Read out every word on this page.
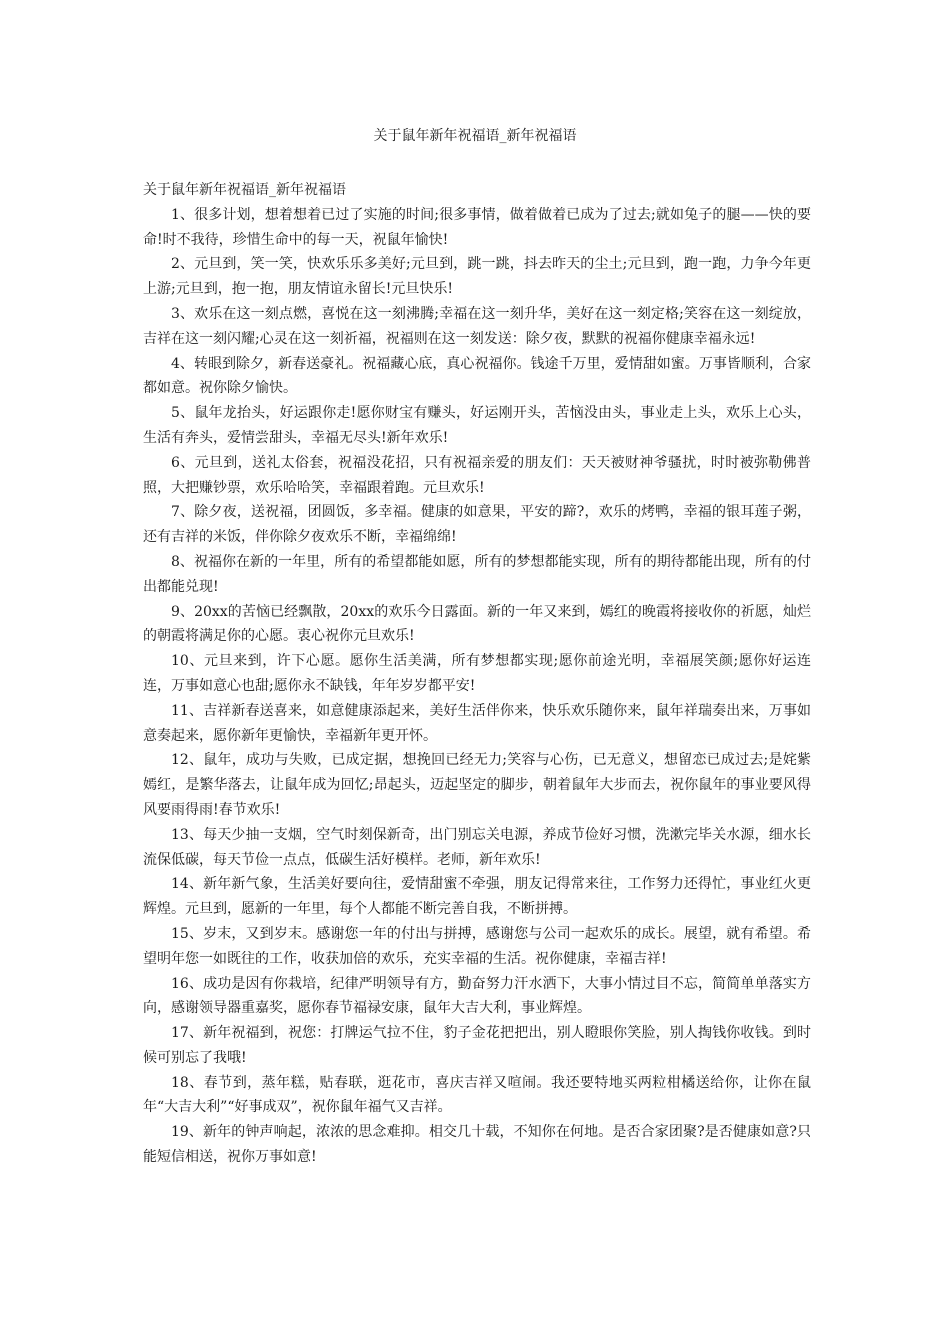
关于鼠年新年祝福语_新年祝福语

关于鼠年新年祝福语_新年祝福语

1、很多计划，想着想着已过了实施的时间;很多事情，做着做着已成为了过去;就如兔子的腿——快的要命!时不我待，珍惜生命中的每一天，祝鼠年愉快!

2、元旦到，笑一笑，快欢乐乐多美好;元旦到，跳一跳，抖去昨天的尘土;元旦到，跑一跑，力争今年更上游;元旦到，抱一抱，朋友情谊永留长!元旦快乐!

3、欢乐在这一刻点燃，喜悦在这一刻沸腾;幸福在这一刻升华，美好在这一刻定格;笑容在这一刻绽放，吉祥在这一刻闪耀;心灵在这一刻祈福，祝福则在这一刻发送：除夕夜，默默的祝福你健康幸福永远!

4、转眼到除夕，新春送豪礼。祝福藏心底，真心祝福你。钱途千万里，爱情甜如蜜。万事皆顺利，合家都如意。祝你除夕愉快。

5、鼠年龙抬头，好运跟你走!愿你财宝有赚头，好运刚开头，苦恼没由头，事业走上头，欢乐上心头，生活有奔头，爱情尝甜头，幸福无尽头!新年欢乐!

6、元旦到，送礼太俗套，祝福没花招，只有祝福亲爱的朋友们：天天被财神爷骚扰，时时被弥勒佛普照，大把赚钞票，欢乐哈哈笑，幸福跟着跑。元旦欢乐!

7、除夕夜，送祝福，团圆饭，多幸福。健康的如意果，平安的蹄?，欢乐的烤鸭，幸福的银耳莲子粥，还有吉祥的米饭，伴你除夕夜欢乐不断，幸福绵绵!

8、祝福你在新的一年里，所有的希望都能如愿，所有的梦想都能实现，所有的期待都能出现，所有的付出都能兑现!

9、20xx的苦恼已经飘散，20xx的欢乐今日露面。新的一年又来到，嫣红的晚霞将接收你的祈愿，灿烂的朝霞将满足你的心愿。衷心祝你元旦欢乐!

10、元旦来到，许下心愿。愿你生活美满，所有梦想都实现;愿你前途光明，幸福展笑颜;愿你好运连连，万事如意心也甜;愿你永不缺钱，年年岁岁都平安!

11、吉祥新春送喜来，如意健康添起来，美好生活伴你来，快乐欢乐随你来，鼠年祥瑞奏出来，万事如意奏起来，愿你新年更愉快，幸福新年更开怀。

12、鼠年，成功与失败，已成定据，想挽回已经无力;笑容与心伤，已无意义，想留恋已成过去;是姹紫嫣红，是繁华落去，让鼠年成为回忆;昂起头，迈起坚定的脚步，朝着鼠年大步而去，祝你鼠年的事业要风得风要雨得雨!春节欢乐!

13、每天少抽一支烟，空气时刻保新奇，出门别忘关电源，养成节俭好习惯，洗漱完毕关水源，细水长流保低碳，每天节俭一点点，低碳生活好模样。老师，新年欢乐!

14、新年新气象，生活美好要向往，爱情甜蜜不牵强，朋友记得常来往，工作努力还得忙，事业红火更辉煌。元旦到，愿新的一年里，每个人都能不断完善自我，不断拼搏。

15、岁末，又到岁末。感谢您一年的付出与拼搏，感谢您与公司一起欢乐的成长。展望，就有希望。希望明年您一如既往的工作，收获加倍的欢乐，充实幸福的生活。祝你健康，幸福吉祥!

16、成功是因有你栽培，纪律严明领导有方，勤奋努力汗水洒下，大事小情过目不忘，简简单单落实方向，感谢领导器重嘉奖，愿你春节福禄安康，鼠年大吉大利，事业辉煌。

17、新年祝福到，祝您：打牌运气拉不住，豹子金花把把出，别人瞪眼你笑脸，别人掏钱你收钱。到时候可别忘了我哦!

18、春节到，蒸年糕，贴春联，逛花市，喜庆吉祥又喧闹。我还要特地买两粒柑橘送给你，让你在鼠年“大吉大利”“好事成双”，祝你鼠年福气又吉祥。

19、新年的钟声响起，浓浓的思念难抑。相交几十载，不知你在何地。是否合家团聚?是否健康如意?只能短信相送，祝你万事如意!
